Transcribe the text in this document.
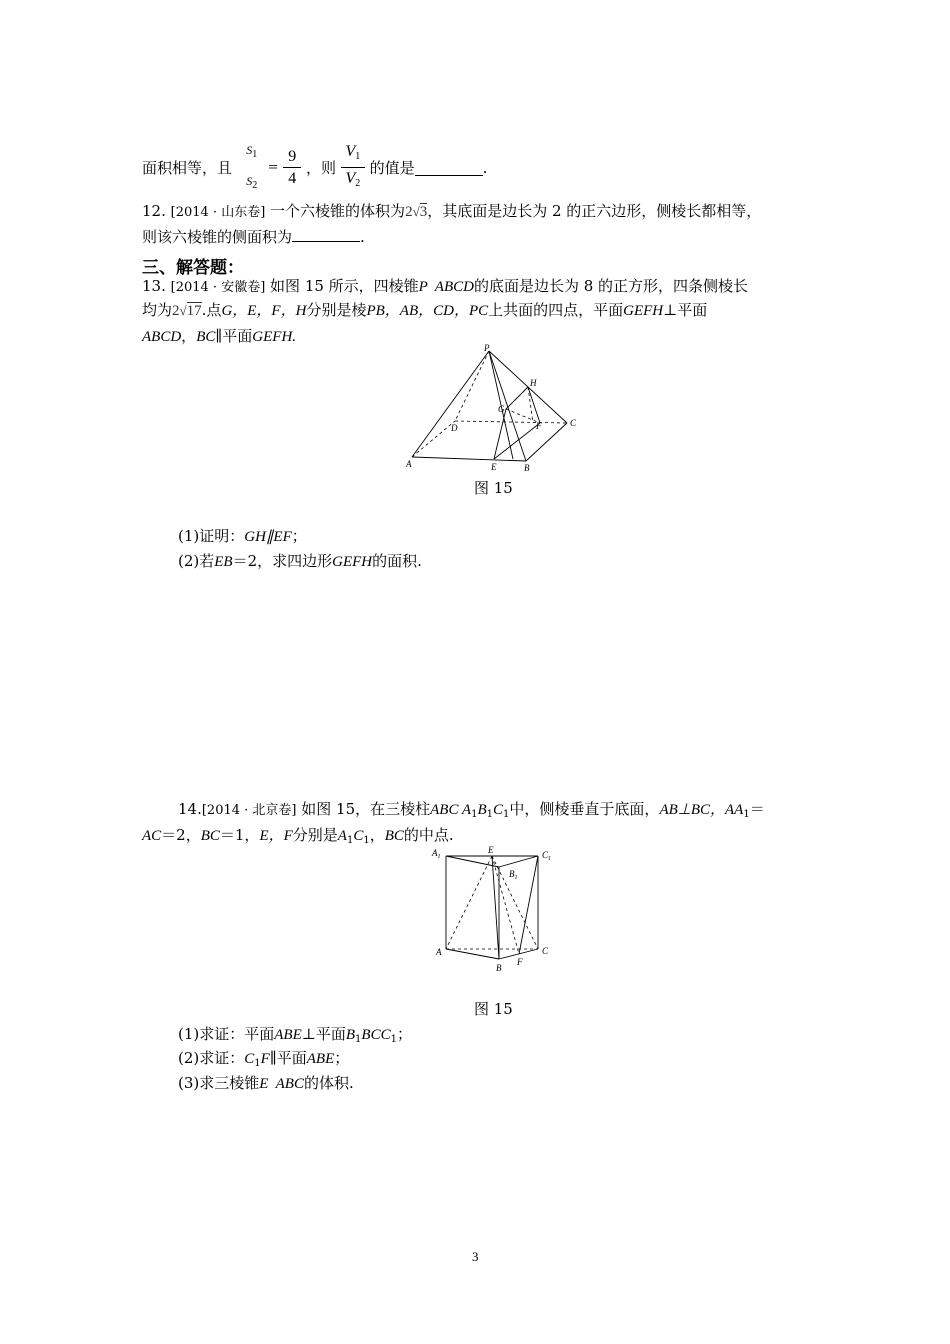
面积相等，且
$S_1$
$S_2$
= $\frac{9}{4}$ ，则 $\frac{V_1}{V_2}$ 的值是	.
12. [2014 · 山东卷] 一个六棱锥的体积为2√3，其底面是边长为 2 的正六边形，侧棱长都相等，
则该六棱锥的侧面积为	.
三、解答题：
13. [2014 · 安徽卷] 如图 15 所示，四棱锥P  ABCD的底面是边长为 8 的正方形，四条侧棱长
均为2√17.点G，E，F，H分别是棱PB，AB，CD，PC上共面的四点，平面GEFH⊥平面
ABCD，BC∥平面GEFH.
P
H
G
D	F	C
A	E	B
图 15
(1)证明：GH∥EF；
(2)若EB＝2，求四边形GEFH的面积.
14.[2014 · 北京卷] 如图 15，在三棱柱ABC $A_1B_1C_1$中，侧棱垂直于底面，AB⊥BC，$AA_1=$
AC＝2，BC＝1，E，F分别是$A_1C_1$，BC的中点.
$A_1$
E	$C_1$
$B_1$
A	C
F
B
图 15
(1)求证：平面ABE⊥平面$B_1BCC_1$；
(2)求证：$C_1F\parallel$平面ABE；
(3)求三棱锥E  ABC的体积.
3
